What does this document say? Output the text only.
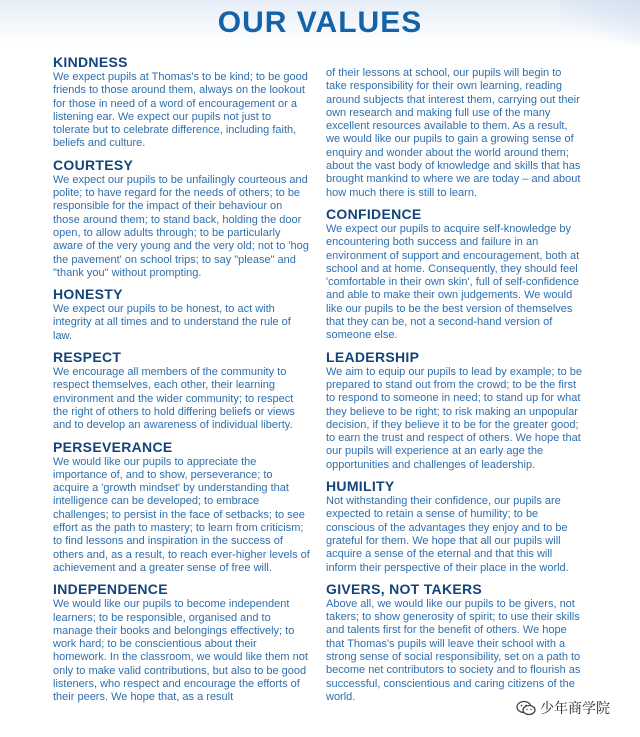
OUR VALUES
KINDNESS

We expect pupils at Thomas's to be kind; to be good friends to those around them, always on the lookout for those in need of a word of encouragement or a listening ear. We expect our pupils not just to tolerate but to celebrate difference, including faith, beliefs and culture.

COURTESY

We expect our pupils to be unfailingly courteous and polite; to have regard for the needs of others; to be responsible for the impact of their behaviour on those around them; to stand back, holding the door open, to allow adults through; to be particularly aware of the very young and the very old; not to 'hog the pavement' on school trips; to say "please" and "thank you" without prompting.

HONESTY

We expect our pupils to be honest, to act with integrity at all times and to understand the rule of law.

RESPECT

We encourage all members of the community to respect themselves, each other, their learning environment and the wider community; to respect the right of others to hold differing beliefs or views and to develop an awareness of individual liberty.

PERSEVERANCE

We would like our pupils to appreciate the importance of, and to show, perseverance; to acquire a 'growth mindset' by understanding that intelligence can be developed; to embrace challenges; to persist in the face of setbacks; to see effort as the path to mastery; to learn from criticism; to find lessons and inspiration in the success of others and, as a result, to reach ever-higher levels of achievement and a greater sense of free will.

INDEPENDENCE

We would like our pupils to become independent learners; to be responsible, organised and to manage their books and belongings effectively; to work hard; to be conscientious about their homework. In the classroom, we would like them not only to make valid contributions, but also to be good listeners, who respect and encourage the efforts of their peers. We hope that, as a result

of their lessons at school, our pupils will begin to take responsibility for their own learning, reading around subjects that interest them, carrying out their own research and making full use of the many excellent resources available to them. As a result, we would like our pupils to gain a growing sense of enquiry and wonder about the world around them; about the vast body of knowledge and skills that has brought mankind to where we are today – and about how much there is still to learn.

CONFIDENCE

We expect our pupils to acquire self-knowledge by encountering both success and failure in an environment of support and encouragement, both at school and at home. Consequently, they should feel 'comfortable in their own skin', full of self-confidence and able to make their own judgements. We would like our pupils to be the best version of themselves that they can be, not a second-hand version of someone else.

LEADERSHIP

We aim to equip our pupils to lead by example; to be prepared to stand out from the crowd; to be the first to respond to someone in need; to stand up for what they believe to be right; to risk making an unpopular decision, if they believe it to be for the greater good; to earn the trust and respect of others. We hope that our pupils will experience at an early age the opportunities and challenges of leadership.

HUMILITY

Not withstanding their confidence, our pupils are expected to retain a sense of humility; to be conscious of the advantages they enjoy and to be grateful for them. We hope that all our pupils will acquire a sense of the eternal and that this will inform their perspective of their place in the world.

GIVERS, NOT TAKERS

Above all, we would like our pupils to be givers, not takers; to show generosity of spirit; to use their skills and talents first for the benefit of others. We hope that Thomas's pupils will leave their school with a strong sense of social responsibility, set on a path to become net contributors to society and to flourish as successful, conscientious and caring citizens of the world.

少年商学院
